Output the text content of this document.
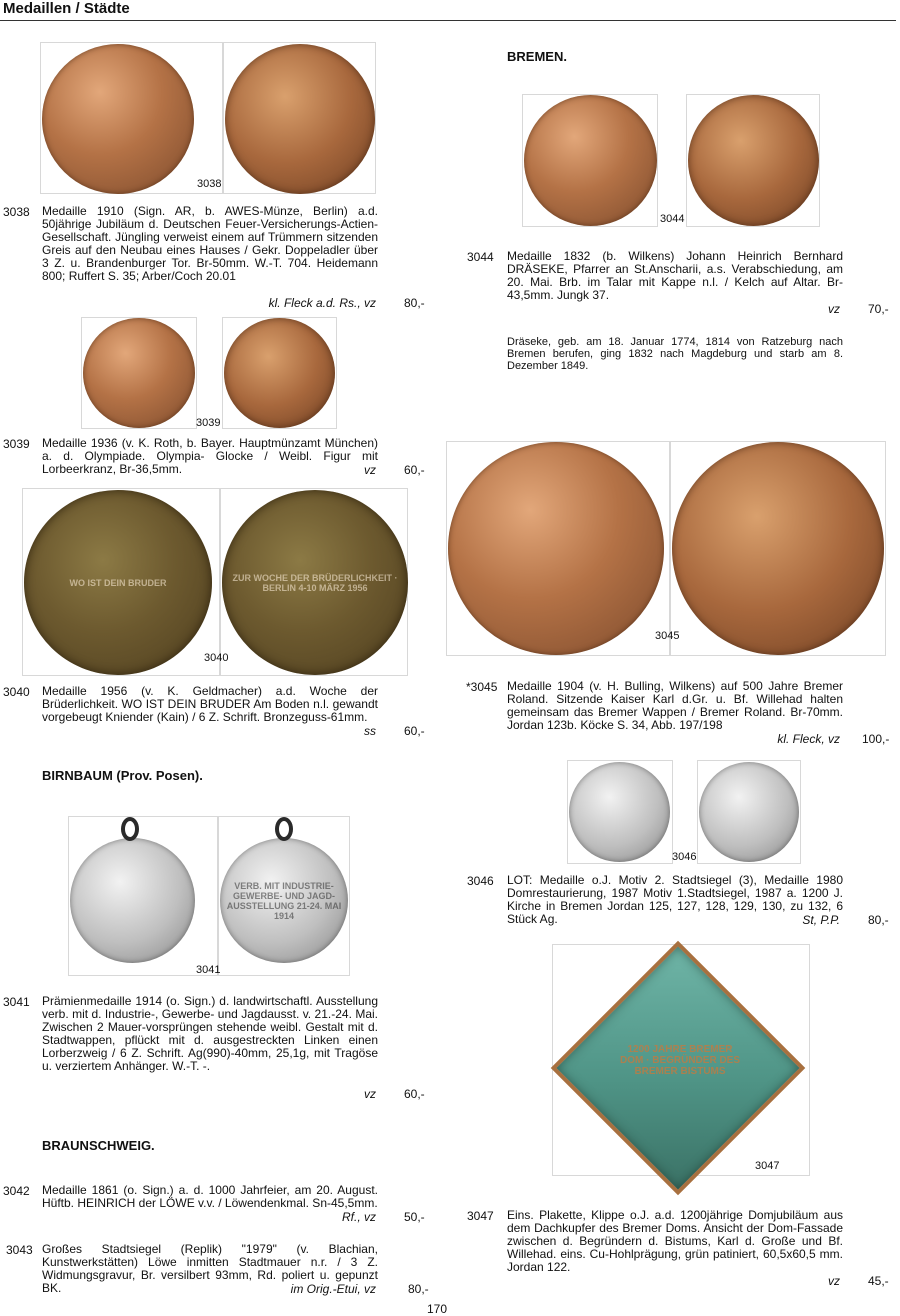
Medaillen / Städte
3038
3038 Medaille 1910 (Sign. AR, b. AWES-Münze, Berlin) a.d. 50jährige Jubiläum d. Deutschen Feuer-Versicherungs-Actien-Gesellschaft. Jüngling verweist einem auf Trümmern sitzenden Greis auf den Neubau eines Hauses / Gekr. Doppeladler über 3 Z. u. Brandenburger Tor. Br-50mm. W.-T. 704. Heidemann 800; Ruffert S. 35; Arber/Coch 20.01
kl. Fleck a.d. Rs., vz 80,-
3039
3039 Medaille 1936 (v. K. Roth, b. Bayer. Hauptmünzamt München) a. d. Olympiade. Olympia- Glocke / Weibl. Figur mit Lorbeerkranz, Br-36,5mm.	vz 60,-
WO IST DEIN BRUDER	ZUR WOCHE DER BRÜDERLICHKEIT · BERLIN 4-10 MÄRZ 1956
3040
3040 Medaille 1956 (v. K. Geldmacher) a.d. Woche der Brüderlichkeit. WO IST DEIN BRUDER Am Boden n.l. gewandt vorgebeugt Kniender (Kain) / 6 Z. Schrift. Bronzeguss-61mm.
ss 60,-
BIRNBAUM (Prov. Posen).
VERB. MIT INDUSTRIE- GEWERBE- UND JAGD-AUSSTELLUNG 21-24. MAI 1914
3041
3041 Prämienmedaille 1914 (o. Sign.) d. landwirtschaftl. Ausstellung verb. mit d. Industrie-, Gewerbe- und Jagdausst. v. 21.-24. Mai. Zwischen 2 Mauer-vorsprüngen stehende weibl. Gestalt mit d. Stadtwappen, pflückt mit d. ausgestreckten Linken einen Lorberzweig / 6 Z. Schrift. Ag(990)-40mm, 25,1g, mit Tragöse u. verziertem Anhänger. W.-T. -.
vz 60,-
BRAUNSCHWEIG.
3042 Medaille 1861 (o. Sign.) a. d. 1000 Jahrfeier, am 20. August. Hüftb. HEINRICH der LÖWE v.v. / Löwendenkmal. Sn-45,5mm.
Rf., vz 50,-
3043 Großes Stadtsiegel (Replik) "1979" (v. Blachian, Kunstwerkstätten) Löwe inmitten Stadtmauer n.r. / 3 Z. Widmungsgravur, Br. versilbert 93mm, Rd. poliert u. gepunzt BK.	im Orig.-Etui, vz	80,-
BREMEN.
3044
3044 Medaille 1832 (b. Wilkens) Johann Heinrich Bernhard DRÄSEKE, Pfarrer an St.Anscharii, a.s. Verabschiedung, am 20. Mai. Brb. im Talar mit Kappe n.l. / Kelch auf Altar. Br-43,5mm. Jungk 37.
vz 70,-
Dräseke, geb. am 18. Januar 1774, 1814 von Ratzeburg nach Bremen berufen, ging 1832 nach Magdeburg und starb am 8. Dezember 1849.
3045
*3045 Medaille 1904 (v. H. Bulling, Wilkens) auf 500 Jahre Bremer Roland. Sitzende Kaiser Karl d.Gr. u. Bf. Willehad halten gemeinsam das Bremer Wappen / Bremer Roland. Br-70mm. Jordan 123b. Köcke S. 34, Abb. 197/198
kl. Fleck, vz 100,-
3046
3046 LOT: Medaille o.J. Motiv 2. Stadtsiegel (3), Medaille 1980 Domrestaurierung, 1987 Motiv 1.Stadtsiegel, 1987 a. 1200 J. Kirche in Bremen Jordan 125, 127, 128, 129, 130, zu 132, 6 Stück Ag.	St, P.P. 80,-
1200 JAHRE BREMER DOM · BEGRÜNDER DES BREMER BISTUMS
3047
3047 Eins. Plakette, Klippe o.J. a.d. 1200jährige Domjubiläum aus dem Dachkupfer des Bremer Doms. Ansicht der Dom-Fassade zwischen d. Begründern d. Bistums, Karl d. Große und Bf. Willehad. eins. Cu-Hohlprägung, grün patiniert, 60,5x60,5 mm. Jordan 122.
vz 45,-
170
